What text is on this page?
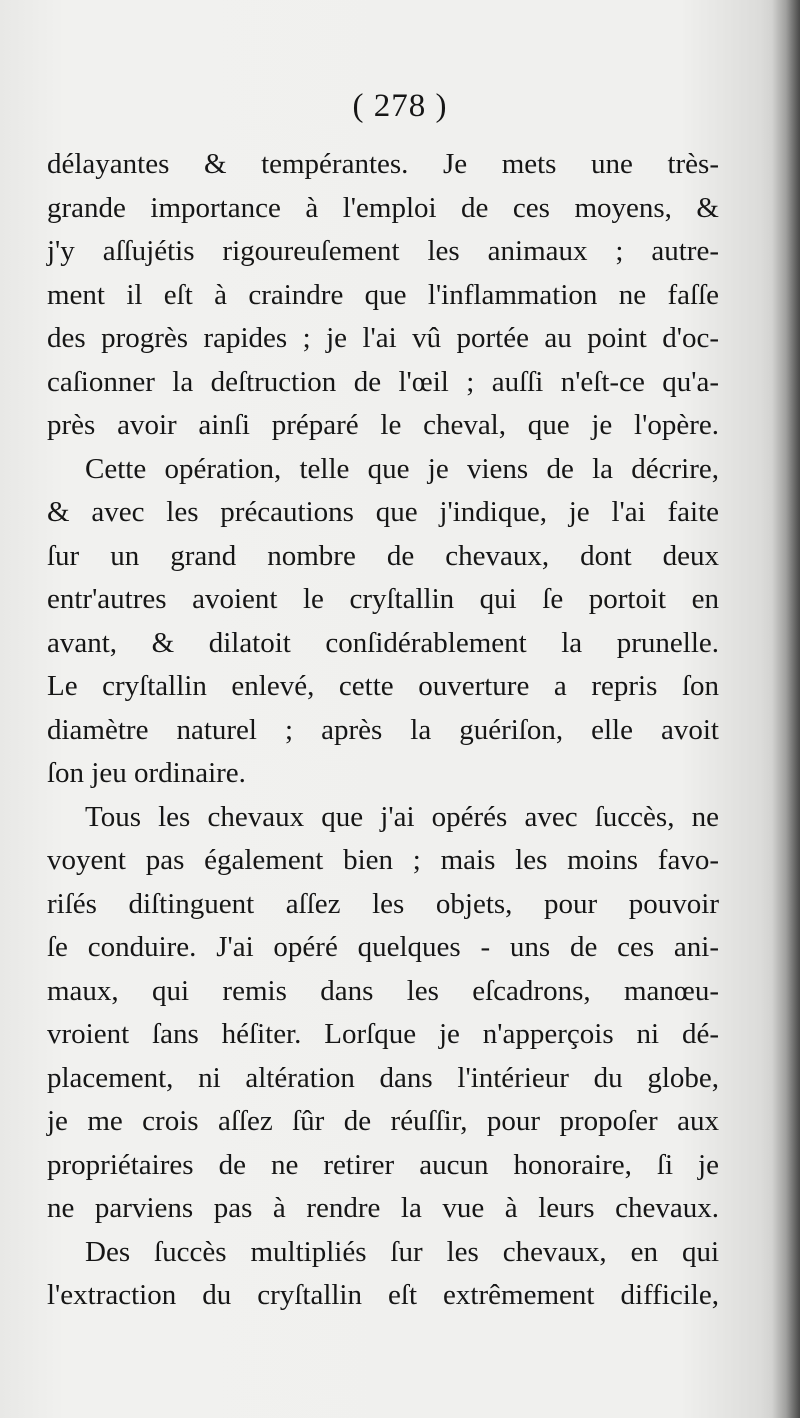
( 278 )
délayantes & tempérantes. Je mets une très-
grande importance à l'emploi de ces moyens, &
j'y aſſujétis rigoureuſement les animaux ; autre-
ment il eſt à craindre que l'inflammation ne faſſe
des progrès rapides ; je l'ai vû portée au point d'oc-
caſionner la deſtruction de l'œil ; auſſi n'eſt-ce qu'a-
près avoir ainſi préparé le cheval, que je l'opère.
Cette opération, telle que je viens de la décrire,
& avec les précautions que j'indique, je l'ai faite
ſur un grand nombre de chevaux, dont deux
entr'autres avoient le cryſtallin qui ſe portoit en
avant, & dilatoit conſidérablement la prunelle.
Le cryſtallin enlevé, cette ouverture a repris ſon
diamètre naturel ; après la guériſon, elle avoit
ſon jeu ordinaire.
Tous les chevaux que j'ai opérés avec ſuccès, ne
voyent pas également bien ; mais les moins favo-
riſés diſtinguent aſſez les objets, pour pouvoir
ſe conduire. J'ai opéré quelques - uns de ces ani-
maux, qui remis dans les eſcadrons, manœu-
vroient ſans héſiter. Lorſque je n'apperçois ni dé-
placement, ni altération dans l'intérieur du globe,
je me crois aſſez ſûr de réuſſir, pour propoſer aux
propriétaires de ne retirer aucun honoraire, ſi je
ne parviens pas à rendre la vue à leurs chevaux.
Des ſuccès multipliés ſur les chevaux, en qui
l'extraction du cryſtallin eſt extrêmement difficile,
